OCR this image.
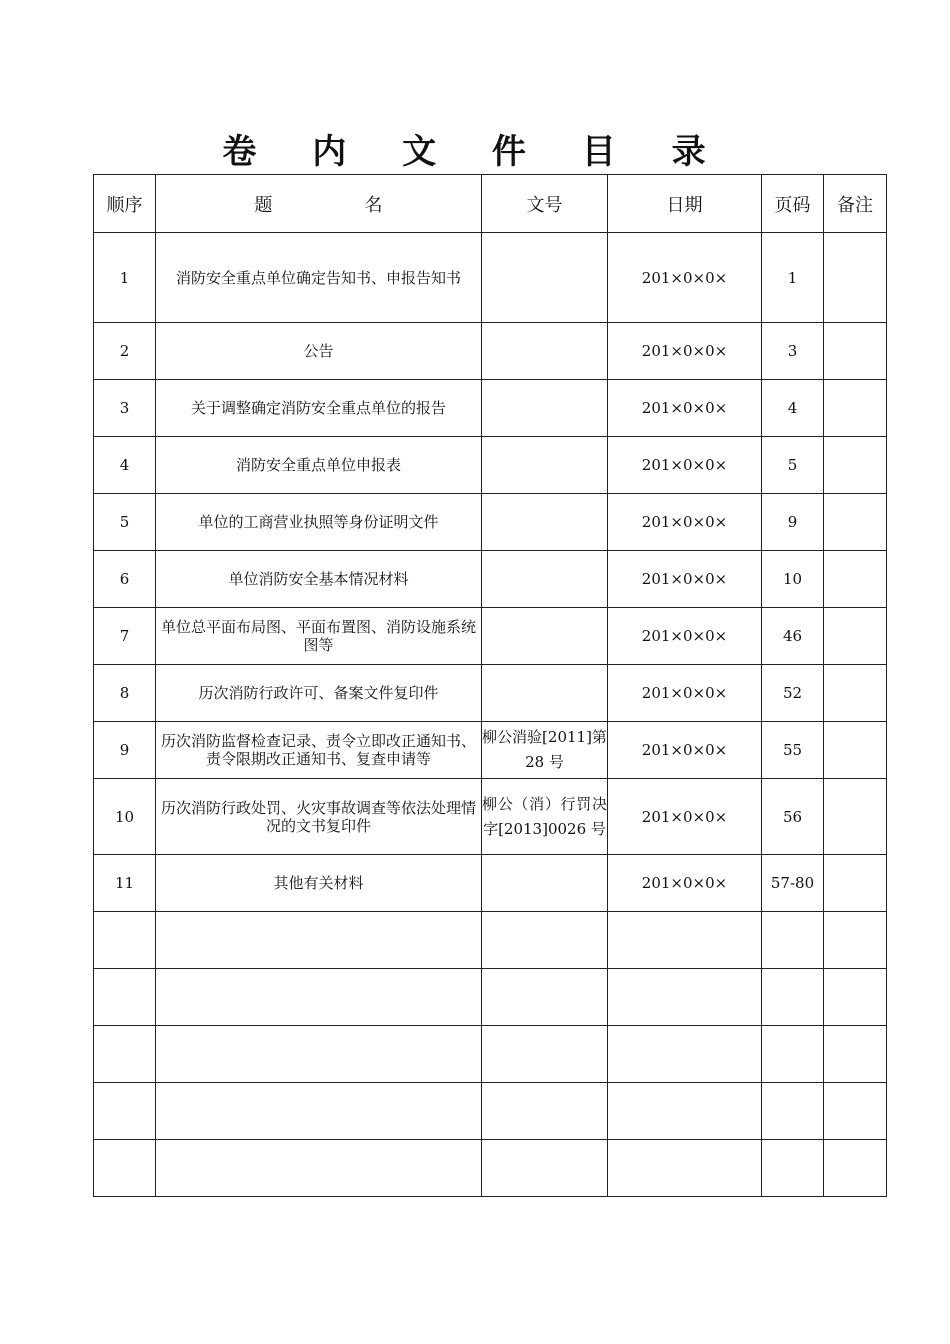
卷 内 文 件 目 录
顺序	题 名	文号	日期	页码	备注
1	消防安全重点单位确定告知书、申报告知书		201×0×0×	1	
2	公告		201×0×0×	3	
3	关于调整确定消防安全重点单位的报告		201×0×0×	4	
4	消防安全重点单位申报表		201×0×0×	5	
5	单位的工商营业执照等身份证明文件		201×0×0×	9	
6	单位消防安全基本情况材料		201×0×0×	10	
7	单位总平面布局图、平面布置图、消防设施系统图等		201×0×0×	46	
8	历次消防行政许可、备案文件复印件		201×0×0×	52	
9	历次消防监督检查记录、责令立即改正通知书、责令限期改正通知书、复查申请等	柳公消验[2011]第 28 号	201×0×0×	55	
10	历次消防行政处罚、火灾事故调查等依法处理情况的文书复印件	柳公（消）行罚决字[2013]0026 号	201×0×0×	56	
11	其他有关材料		201×0×0×	57-80	
